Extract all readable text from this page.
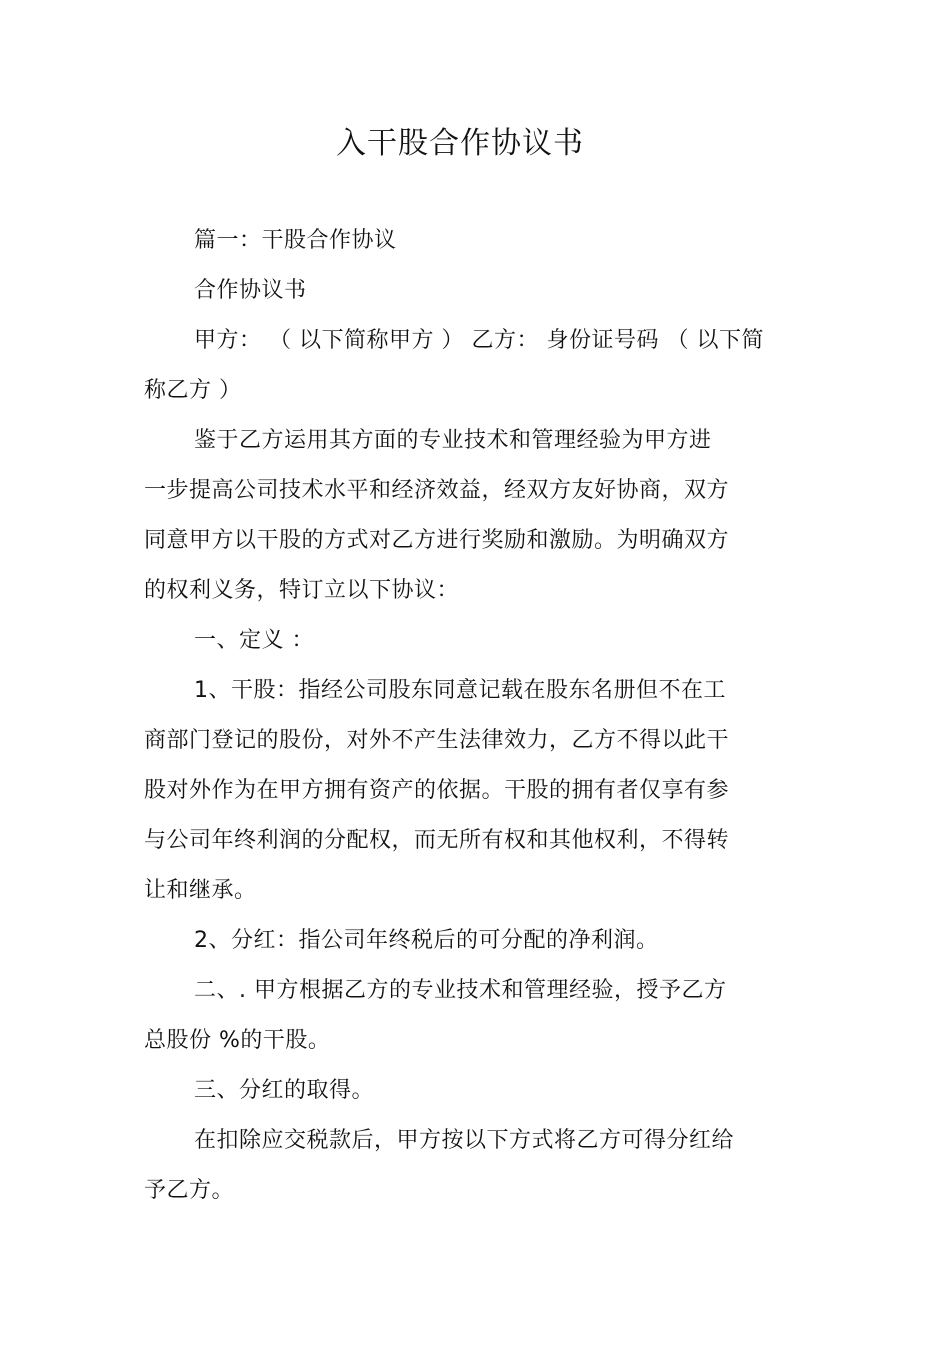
入干股合作协议书
篇一：干股合作协议
合作协议书
甲方： （ 以下简称甲方 ） 乙方： 身份证号码 （ 以下简
称乙方 ）
鉴于乙方运用其方面的专业技术和管理经验为甲方进
一步提高公司技术水平和经济效益，经双方友好协商，双方
同意甲方以干股的方式对乙方进行奖励和激励。为明确双方
的权利义务，特订立以下协议：
一、定义 ：
1、干股：指经公司股东同意记载在股东名册但不在工
商部门登记的股份，对外不产生法律效力，乙方不得以此干
股对外作为在甲方拥有资产的依据。干股的拥有者仅享有参
与公司年终利润的分配权，而无所有权和其他权利，不得转
让和继承。
2、分红：指公司年终税后的可分配的净利润。
二、. 甲方根据乙方的专业技术和管理经验，授予乙方
总股份 %的干股。
三、分红的取得。
在扣除应交税款后，甲方按以下方式将乙方可得分红给
予乙方。
